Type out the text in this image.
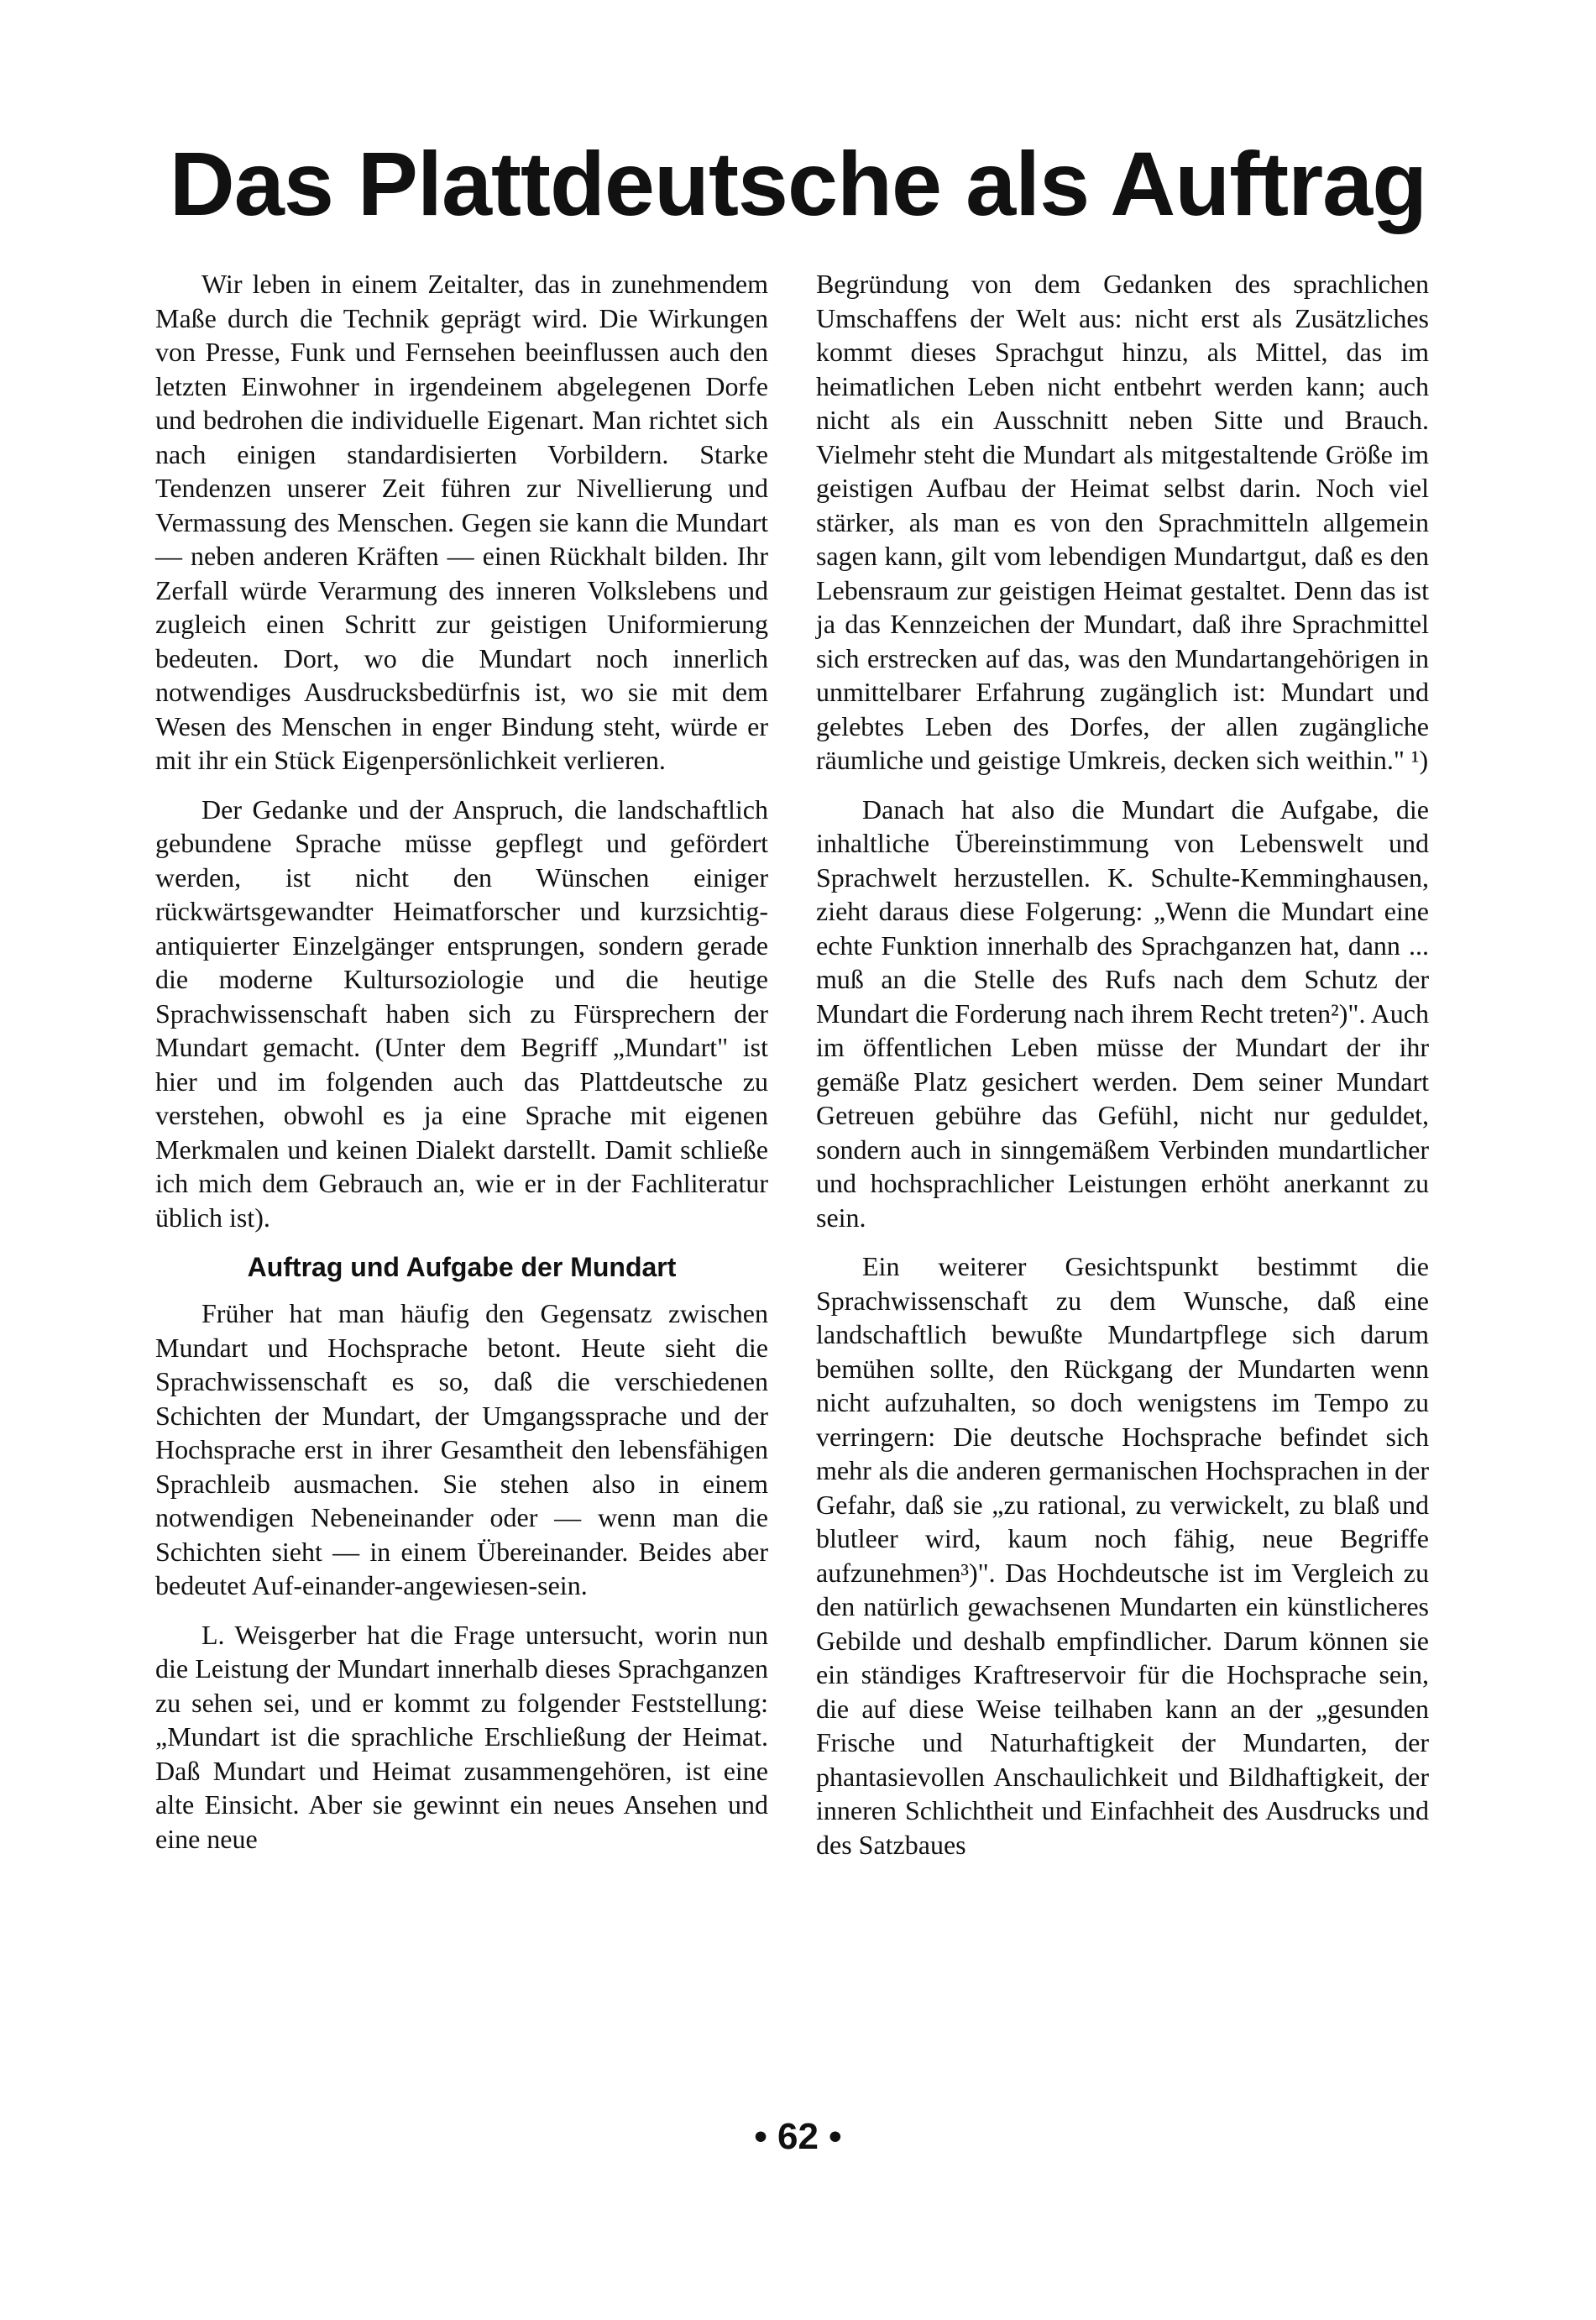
Das Plattdeutsche als Auftrag

Wir leben in einem Zeitalter, das in zunehmendem Maße durch die Technik geprägt wird. Die Wirkungen von Presse, Funk und Fernsehen beeinflussen auch den letzten Einwohner in irgendeinem abgelegenen Dorfe und bedrohen die individuelle Eigenart. Man richtet sich nach einigen standardisierten Vorbildern. Starke Tendenzen unserer Zeit führen zur Nivellierung und Vermassung des Menschen. Gegen sie kann die Mundart — neben anderen Kräften — einen Rückhalt bilden. Ihr Zerfall würde Verarmung des inneren Volkslebens und zugleich einen Schritt zur geistigen Uniformierung bedeuten. Dort, wo die Mundart noch innerlich notwendiges Ausdrucksbedürfnis ist, wo sie mit dem Wesen des Menschen in enger Bindung steht, würde er mit ihr ein Stück Eigenpersönlichkeit verlieren.

Der Gedanke und der Anspruch, die landschaftlich gebundene Sprache müsse gepflegt und gefördert werden, ist nicht den Wünschen einiger rückwärtsgewandter Heimatforscher und kurzsichtig-antiquierter Einzelgänger entsprungen, sondern gerade die moderne Kultursoziologie und die heutige Sprachwissenschaft haben sich zu Fürsprechern der Mundart gemacht. (Unter dem Begriff „Mundart" ist hier und im folgenden auch das Plattdeutsche zu verstehen, obwohl es ja eine Sprache mit eigenen Merkmalen und keinen Dialekt darstellt. Damit schließe ich mich dem Gebrauch an, wie er in der Fachliteratur üblich ist).

Auftrag und Aufgabe der Mundart

Früher hat man häufig den Gegensatz zwischen Mundart und Hochsprache betont. Heute sieht die Sprachwissenschaft es so, daß die verschiedenen Schichten der Mundart, der Umgangssprache und der Hochsprache erst in ihrer Gesamtheit den lebensfähigen Sprachleib ausmachen. Sie stehen also in einem notwendigen Nebeneinander oder — wenn man die Schichten sieht — in einem Übereinander. Beides aber bedeutet Auf-einander-angewiesen-sein.

L. Weisgerber hat die Frage untersucht, worin nun die Leistung der Mundart innerhalb dieses Sprachganzen zu sehen sei, und er kommt zu folgender Feststellung: „Mundart ist die sprachliche Erschließung der Heimat. Daß Mundart und Heimat zusammengehören, ist eine alte Einsicht. Aber sie gewinnt ein neues Ansehen und eine neue

Begründung von dem Gedanken des sprachlichen Umschaffens der Welt aus: nicht erst als Zusätzliches kommt dieses Sprachgut hinzu, als Mittel, das im heimatlichen Leben nicht entbehrt werden kann; auch nicht als ein Ausschnitt neben Sitte und Brauch. Vielmehr steht die Mundart als mitgestaltende Größe im geistigen Aufbau der Heimat selbst darin. Noch viel stärker, als man es von den Sprachmitteln allgemein sagen kann, gilt vom lebendigen Mundartgut, daß es den Lebensraum zur geistigen Heimat gestaltet. Denn das ist ja das Kennzeichen der Mundart, daß ihre Sprachmittel sich erstrecken auf das, was den Mundartangehörigen in unmittelbarer Erfahrung zugänglich ist: Mundart und gelebtes Leben des Dorfes, der allen zugängliche räumliche und geistige Umkreis, decken sich weithin." ¹)

Danach hat also die Mundart die Aufgabe, die inhaltliche Übereinstimmung von Lebenswelt und Sprachwelt herzustellen. K. Schulte-Kemminghausen, zieht daraus diese Folgerung: „Wenn die Mundart eine echte Funktion innerhalb des Sprachganzen hat, dann ... muß an die Stelle des Rufs nach dem Schutz der Mundart die Forderung nach ihrem Recht treten²)". Auch im öffentlichen Leben müsse der Mundart der ihr gemäße Platz gesichert werden. Dem seiner Mundart Getreuen gebühre das Gefühl, nicht nur geduldet, sondern auch in sinngemäßem Verbinden mundartlicher und hochsprachlicher Leistungen erhöht anerkannt zu sein.

Ein weiterer Gesichtspunkt bestimmt die Sprachwissenschaft zu dem Wunsche, daß eine landschaftlich bewußte Mundartpflege sich darum bemühen sollte, den Rückgang der Mundarten wenn nicht aufzuhalten, so doch wenigstens im Tempo zu verringern: Die deutsche Hochsprache befindet sich mehr als die anderen germanischen Hochsprachen in der Gefahr, daß sie „zu rational, zu verwickelt, zu blaß und blutleer wird, kaum noch fähig, neue Begriffe aufzunehmen³)". Das Hochdeutsche ist im Vergleich zu den natürlich gewachsenen Mundarten ein künstlicheres Gebilde und deshalb empfindlicher. Darum können sie ein ständiges Kraftreservoir für die Hochsprache sein, die auf diese Weise teilhaben kann an der „gesunden Frische und Naturhaftigkeit der Mundarten, der phantasievollen Anschaulichkeit und Bildhaftigkeit, der inneren Schlichtheit und Einfachheit des Ausdrucks und des Satzbaues

• 62 •
